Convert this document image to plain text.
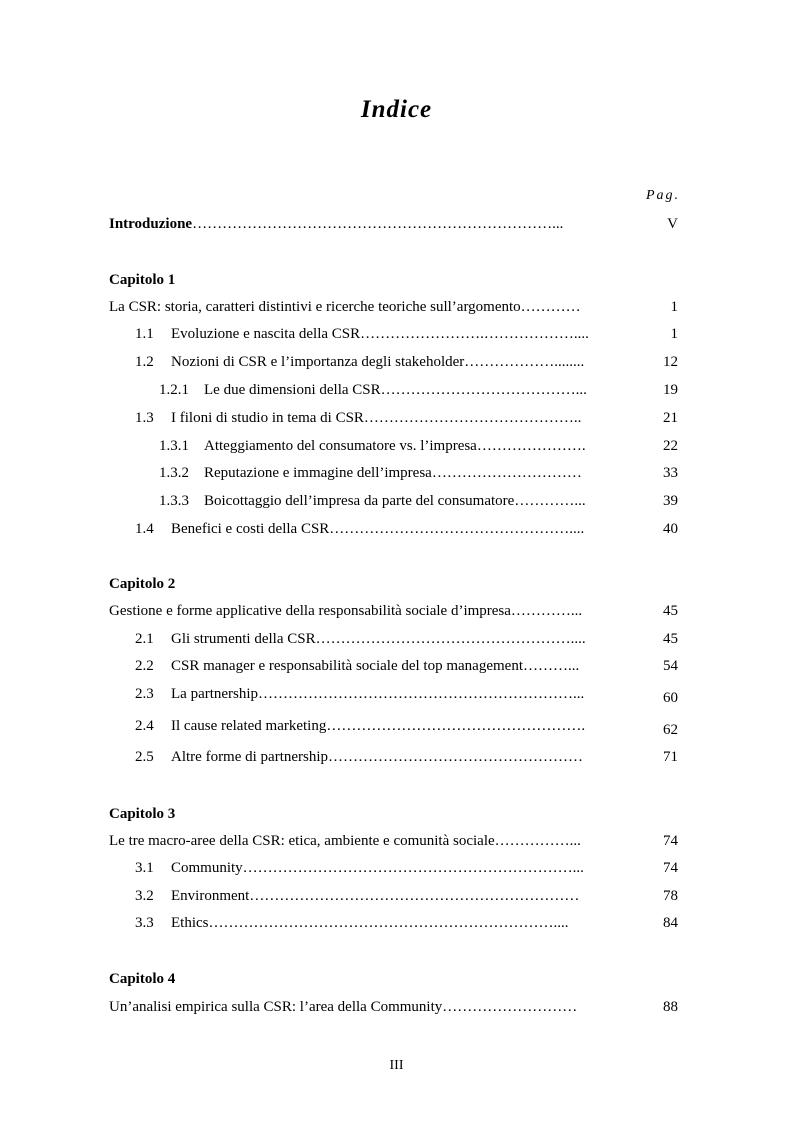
Indice
Pag.
Introduzione………………………………………………………………...	V
Capitolo 1
La CSR: storia, caratteri distintivi e ricerche teoriche sull’argomento…………	1
1.1 Evoluzione e nascita della CSR…………………….………………....	1
1.2 Nozioni di CSR e l’importanza degli stakeholder………………........	12
1.2.1 Le due dimensioni della CSR…………………………………...	19
1.3 I filoni di studio in tema di CSR……………………………………..	21
1.3.1 Atteggiamento del consumatore vs. l’impresa………………….	22
1.3.2 Reputazione e immagine dell’impresa…………………………	33
1.3.3 Boicottaggio dell’impresa da parte del consumatore…………...	39
1.4 Benefici e costi della CSR…………………………………………....	40
Capitolo 2
Gestione e forme applicative della responsabilità sociale d’impresa…………...	45
2.1 Gli strumenti della CSR……………………………………………....	45
2.2 CSR manager e responsabilità sociale del top management………...	54
2.3 La partnership………………………………………………………...	60
2.4 Il cause related marketing…………………………………………….	62
2.5 Altre forme di partnership……………………………………………	71
Capitolo 3
Le tre macro-aree della CSR: etica, ambiente e comunità sociale……………...	74
3.1 Community…………………………………………………………...	74
3.2 Environment…………………………………………………………	78
3.3 Ethics……………………………………………………………....	84
Capitolo 4
Un’analisi empirica sulla CSR: l’area della Community………………………	88
III
